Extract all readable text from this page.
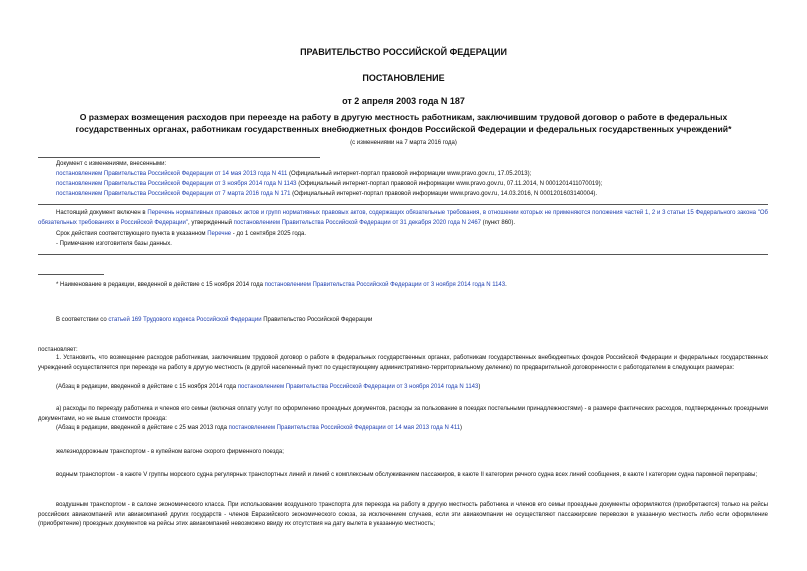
ПРАВИТЕЛЬСТВО РОССИЙСКОЙ ФЕДЕРАЦИИ
ПОСТАНОВЛЕНИЕ
от 2 апреля 2003 года N 187
О размерах возмещения расходов при переезде на работу в другую местность работникам, заключившим трудовой договор о работе в федеральных государственных органах, работникам государственных внебюджетных фондов Российской Федерации и федеральных государственных учреждений*
(с изменениями на 7 марта 2016 года)
Документ с изменениями, внесенными:
постановлением Правительства Российской Федерации от 14 мая 2013 года N 411 (Официальный интернет-портал правовой информации www.pravo.gov.ru, 17.05.2013);
постановлением Правительства Российской Федерации от 3 ноября 2014 года N 1143 (Официальный интернет-портал правовой информации www.pravo.gov.ru, 07.11.2014, N 0001201411070019);
постановлением Правительства Российской Федерации от 7 марта 2016 года N 171 (Официальный интернет-портал правовой информации www.pravo.gov.ru, 14.03.2016, N 0001201603140004).
Настоящий документ включен в Перечень нормативных правовых актов и групп нормативных правовых актов, содержащих обязательные требования, в отношении которых не применяются положения частей 1, 2 и 3 статьи 15 Федерального закона "Об обязательных требованиях в Российской Федерации", утвержденный постановлением Правительства Российской Федерации от 31 декабря 2020 года N 2467 (пункт 860).
Срок действия соответствующего пункта в указанном Перечне - до 1 сентября 2025 года.
- Примечание изготовителя базы данных.
* Наименование в редакции, введенной в действие с 15 ноября 2014 года постановлением Правительства Российской Федерации от 3 ноября 2014 года N 1143.
В соответствии со статьей 169 Трудового кодекса Российской Федерации Правительство Российской Федерации
постановляет:
1. Установить, что возмещение расходов работникам, заключившим трудовой договор о работе в федеральных государственных органах, работникам государственных внебюджетных фондов Российской Федерации и федеральных государственных учреждений осуществляется при переезде на работу в другую местность (в другой населенный пункт по существующему административно-территориальному делению) по предварительной договоренности с работодателем в следующих размерах:
(Абзац в редакции, введенной в действие с 15 ноября 2014 года постановлением Правительства Российской Федерации от 3 ноября 2014 года N 1143)
а) расходы по переезду работника и членов его семьи (включая оплату услуг по оформлению проездных документов, расходы за пользование в поездах постельными принадлежностями) - в размере фактических расходов, подтвержденных проездными документами, но не выше стоимости проезда:
(Абзац в редакции, введенной в действие с 25 мая 2013 года постановлением Правительства Российской Федерации от 14 мая 2013 года N 411)
железнодорожным транспортом - в купейном вагоне скорого фирменного поезда;
водным транспортом - в каюте V группы морского судна регулярных транспортных линий и линий с комплексным обслуживанием пассажиров, в каюте II категории речного судна всех линий сообщения, в каюте I категории судна паромной переправы;
воздушным транспортом - в салоне экономического класса. При использовании воздушного транспорта для переезда на работу в другую местность работника и членов его семьи проездные документы оформляются (приобретаются) только на рейсы российских авиакомпаний или авиакомпаний других государств - членов Евразийского экономического союза, за исключением случаев, если эти авиакомпании не осуществляют пассажирские перевозки в указанную местность либо если оформление (приобретение) проездных документов на рейсы этих авиакомпаний невозможно ввиду их отсутствия на дату вылета в указанную местность;
